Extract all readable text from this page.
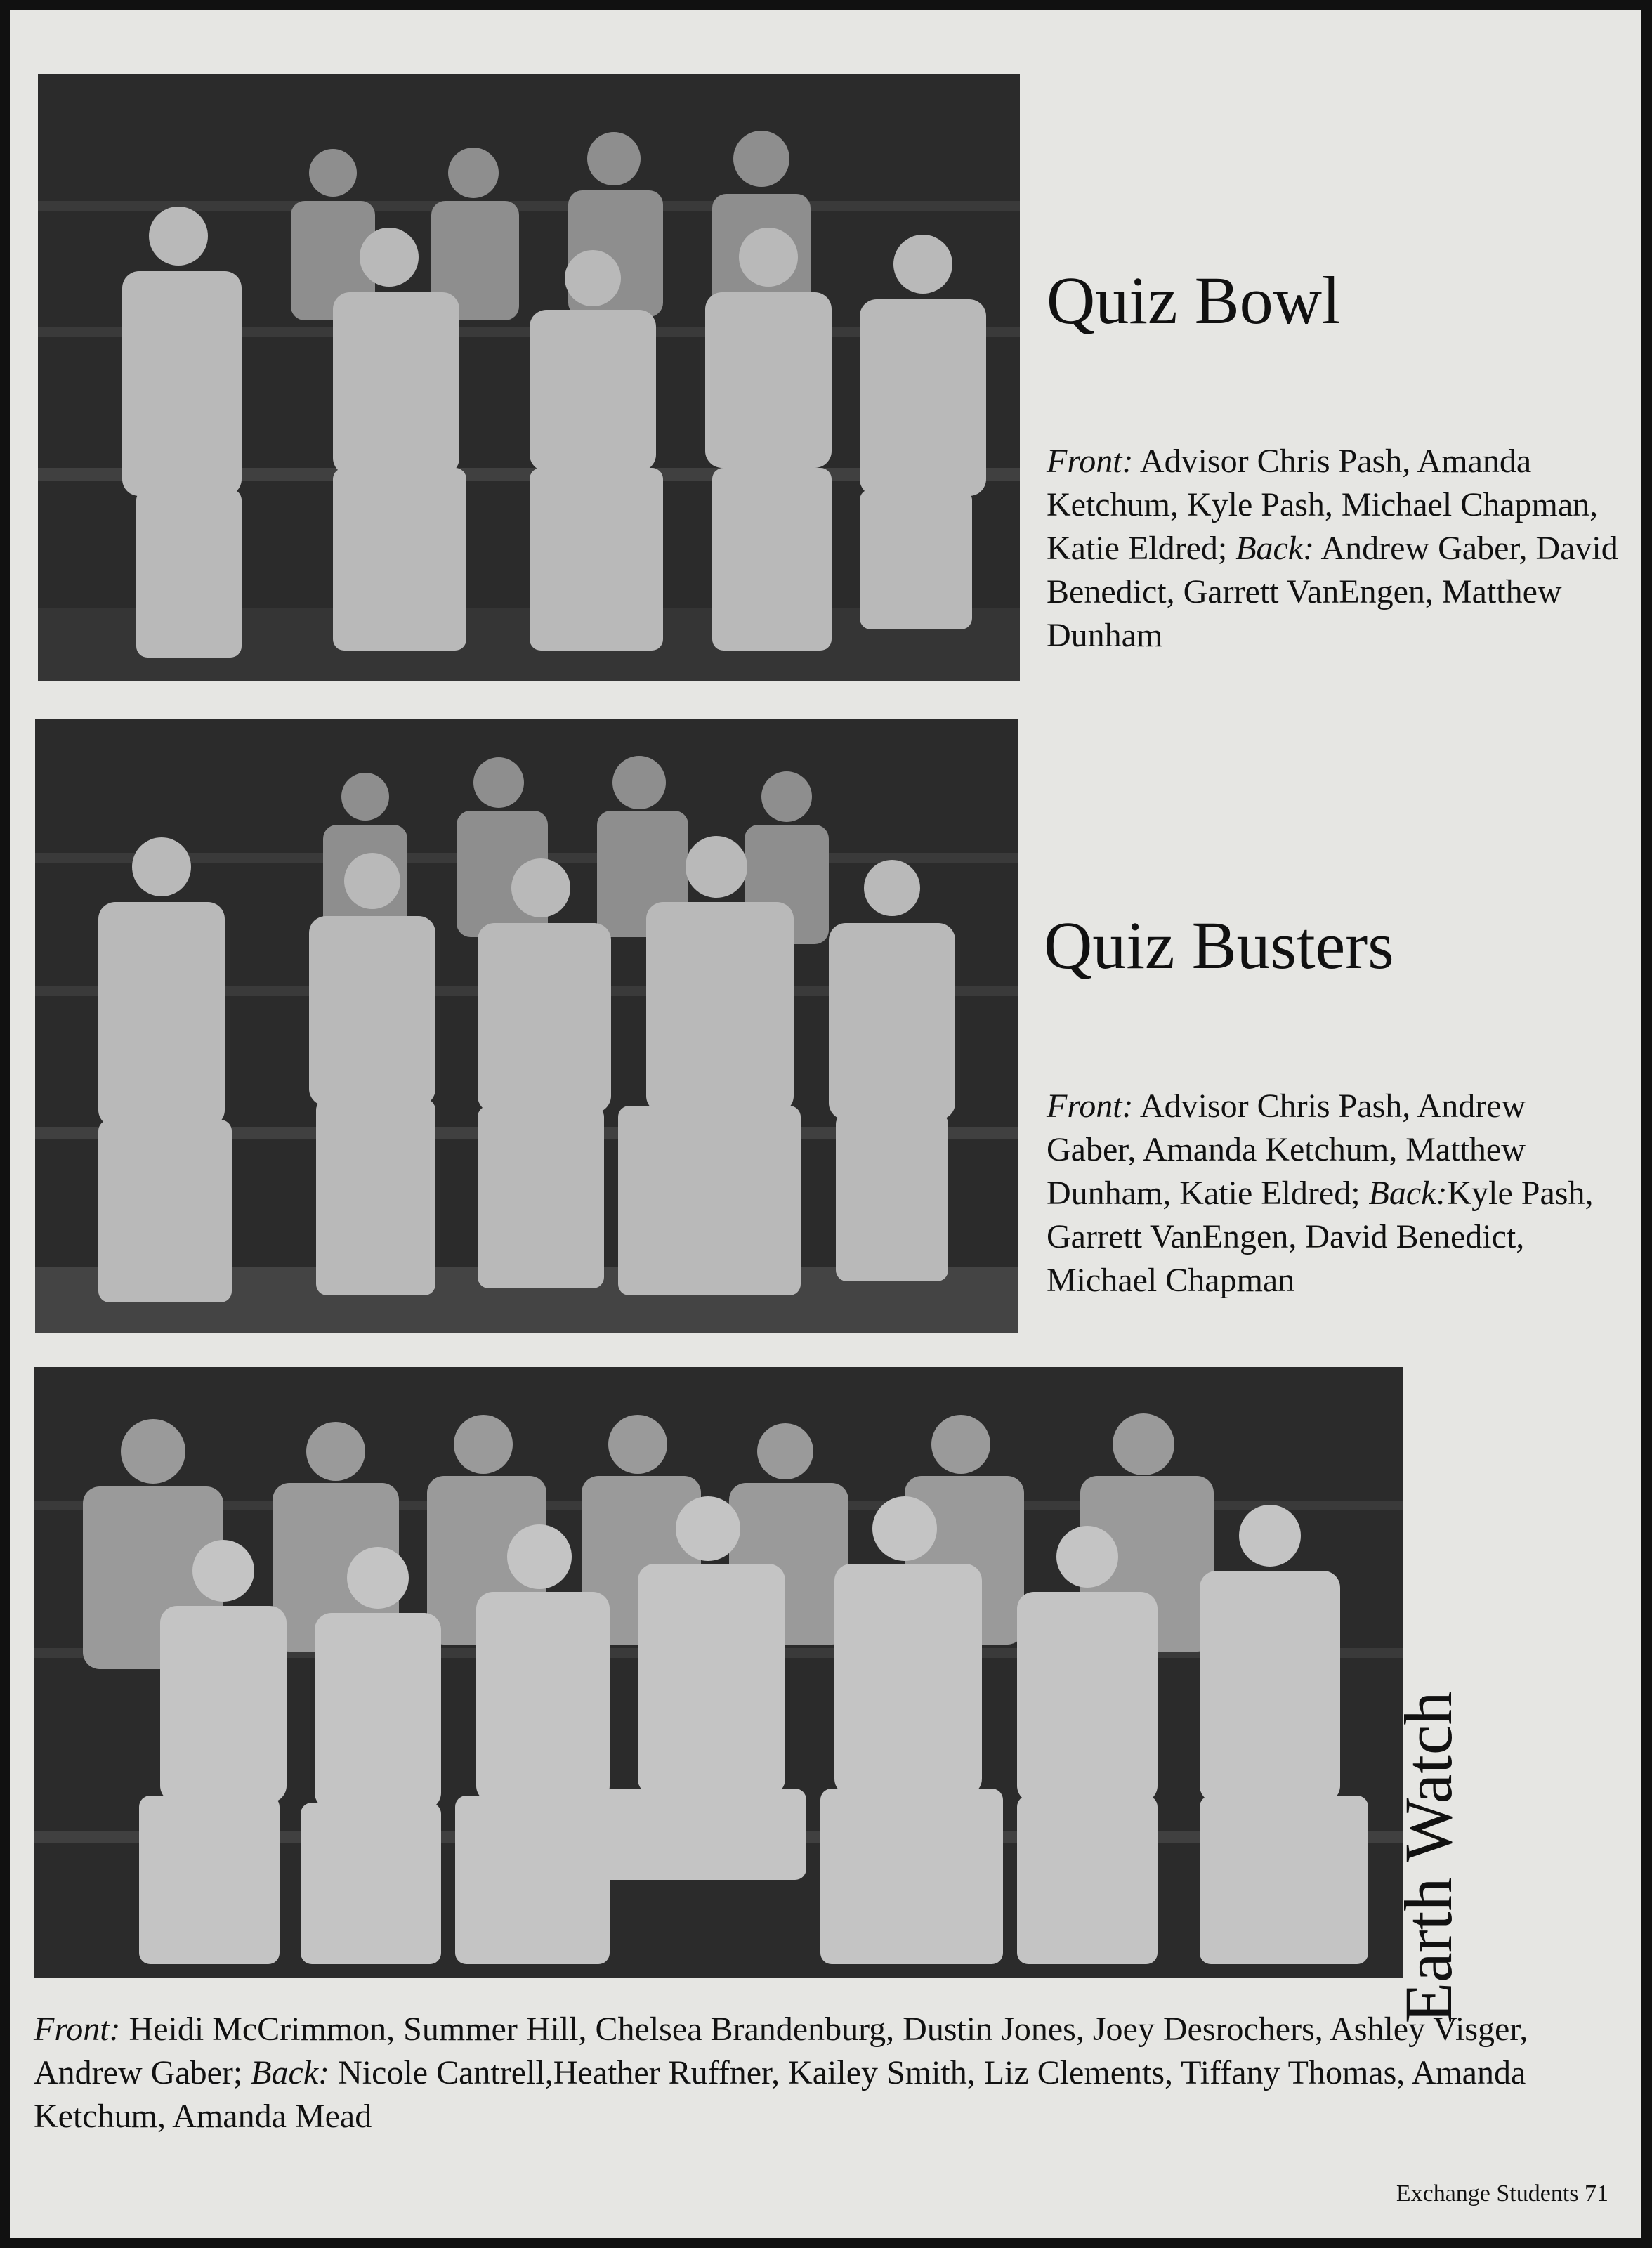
Quiz Bowl
Front: Advisor Chris Pash, Amanda Ketchum, Kyle Pash, Michael Chapman, Katie Eldred; Back: Andrew Gaber, David Benedict, Garrett VanEngen, Matthew Dunham
Quiz Busters
Front: Advisor Chris Pash, Andrew Gaber, Amanda Ketchum, Matthew Dunham, Katie Eldred; Back:Kyle Pash, Garrett VanEngen, David Benedict, Michael Chapman
Earth Watch
Front: Heidi McCrimmon, Summer Hill, Chelsea Brandenburg, Dustin Jones, Joey Desrochers, Ashley Visger, Andrew Gaber; Back: Nicole Cantrell,Heather Ruffner, Kailey Smith, Liz Clements, Tiffany Thomas, Amanda Ketchum, Amanda Mead
Exchange Students 71
